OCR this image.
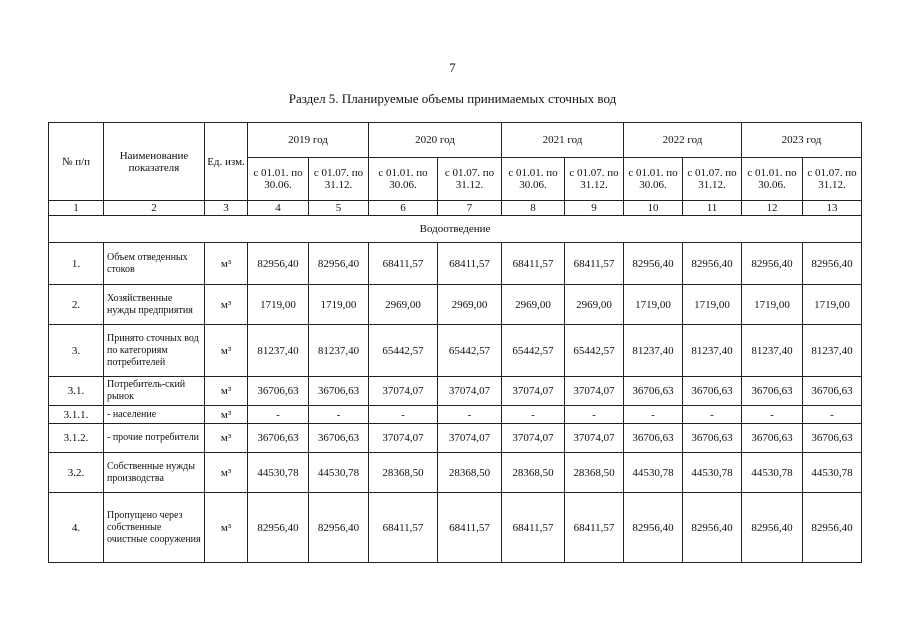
7
Раздел 5. Планируемые объемы принимаемых сточных вод
№ п/п	Наименование показателя	Ед. изм.	2019 год		2020 год		2021 год		2022 год		2023 год	
			с 01.01. по 30.06.	с 01.07. по 31.12.	с 01.01. по 30.06.	с 01.07. по 31.12.	с 01.01. по 30.06.	с 01.07. по 31.12.	с 01.01. по 30.06.	с 01.07. по 31.12.	с 01.01. по 30.06.	с 01.07. по 31.12.
1	2	3	4	5	6	7	8	9	10	11	12	13
Водоотведение												
1.	Объем отведенных стоков	м³	82956,40	82956,40	68411,57	68411,57	68411,57	68411,57	82956,40	82956,40	82956,40	82956,40
2.	Хозяйственные нужды предприятия	м³	1719,00	1719,00	2969,00	2969,00	2969,00	2969,00	1719,00	1719,00	1719,00	1719,00
3.	Принято сточных вод по категориям потребителей	м³	81237,40	81237,40	65442,57	65442,57	65442,57	65442,57	81237,40	81237,40	81237,40	81237,40
3.1.	Потребитель-ский рынок	м³	36706,63	36706,63	37074,07	37074,07	37074,07	37074,07	36706,63	36706,63	36706,63	36706,63
3.1.1.	- население	м³	-	-	-	-	-	-	-	-	-	-
3.1.2.	- прочие потребители	м³	36706,63	36706,63	37074,07	37074,07	37074,07	37074,07	36706,63	36706,63	36706,63	36706,63
3.2.	Собственные нужды производства	м³	44530,78	44530,78	28368,50	28368,50	28368,50	28368,50	44530,78	44530,78	44530,78	44530,78
4.	Пропущено через собственные очистные сооружения	м³	82956,40	82956,40	68411,57	68411,57	68411,57	68411,57	82956,40	82956,40	82956,40	82956,40
